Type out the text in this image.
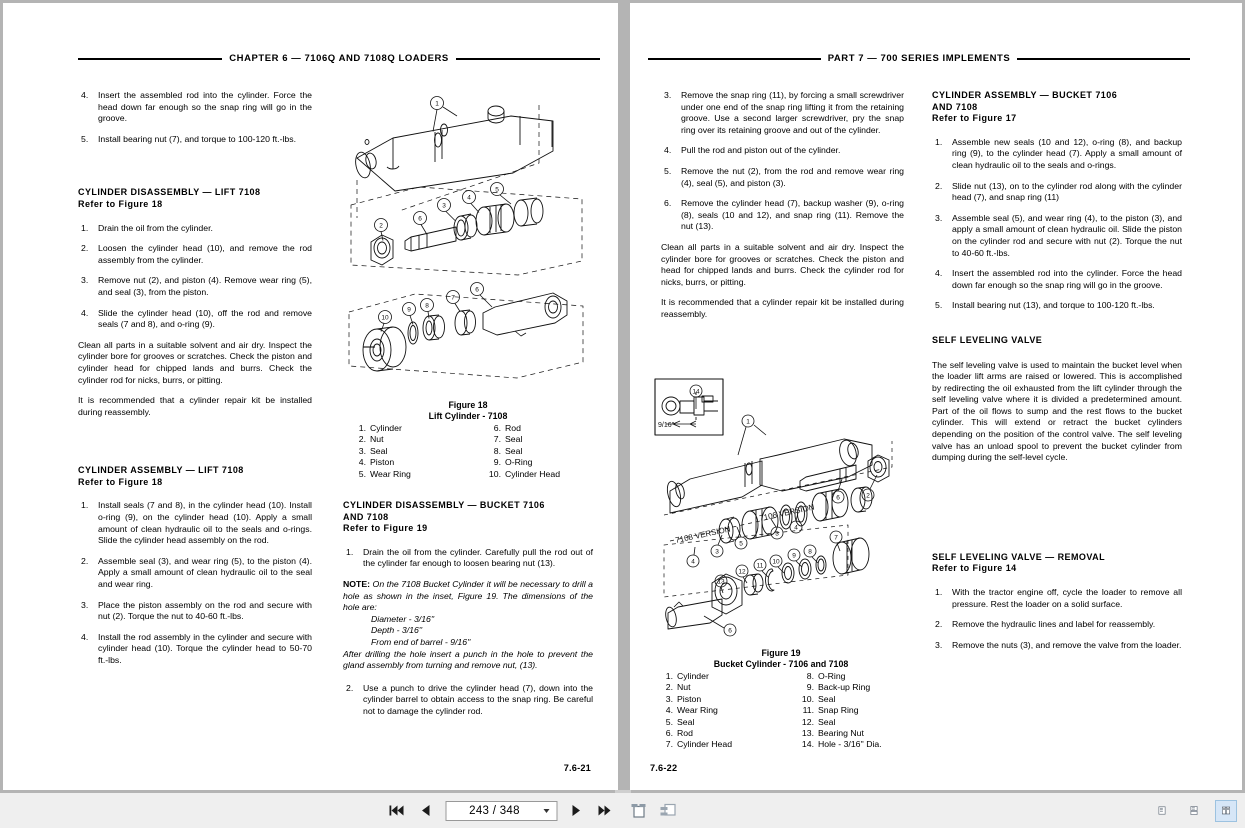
CHAPTER 6 — 7106Q AND 7108Q LOADERS
4.	Insert the assembled rod into the cylinder. Force the head down far enough so the snap ring will go in the groove.
5.	Install bearing nut (7), and torque to 100-120 ft.-lbs.
CYLINDER DISASSEMBLY — LIFT 7108
Refer to Figure 18
1.	Drain the oil from the cylinder.
2.	Loosen the cylinder head (10), and remove the rod assembly from the cylinder.
3.	Remove nut (2), and piston (4). Remove wear ring (5), and seal (3), from the piston.
4.	Slide the cylinder head (10), off the rod and remove seals (7 and 8), and o-ring (9).

Clean all parts in a suitable solvent and air dry. Inspect the cylinder bore for grooves or scratches. Check the piston and cylinder head for chipped lands and burrs. Check the cylinder rod for nicks, burrs, or pitting.

It is recommended that a cylinder repair kit be installed during reassembly.

CYLINDER ASSEMBLY — LIFT 7108
Refer to Figure 18
1.	Install seals (7 and 8), in the cylinder head (10). Install o-ring (9), on the cylinder head (10). Apply a small amount of clean hydraulic oil to the seals and o-rings. Slide the cylinder head assembly on the rod.
2.	Assemble seal (3), and wear ring (5), to the piston (4). Apply a small amount of clean hydraulic oil to the seal and wear ring.
3.	Place the piston assembly on the rod and secure with nut (2). Torque the nut to 40-60 ft.-lbs.
4.	Install the rod assembly in the cylinder and secure with cylinder head (10). Torque the cylinder head to 50-70 ft.-lbs.
1
2
6
3
4
5
10
9
8
7
6
Figure 18
Lift Cylinder - 7108
1. Cylinder
2. Nut
3. Seal
4. Piston
5. Wear Ring
6. Rod
7. Seal
8. Seal
9. O-Ring
10. Cylinder Head
CYLINDER DISASSEMBLY — BUCKET 7106
AND 7108
Refer to Figure 19
1.	Drain the oil from the cylinder. Carefully pull the rod out of the cylinder far enough to loosen bearing nut (13).
NOTE: On the 7108 Bucket Cylinder it will be necessary to drill a hole as shown in the inset, Figure 19. The dimensions of the hole are:
Diameter - 3/16''
Depth - 3/16''
From end of barrel - 9/16''
After drilling the hole insert a punch in the hole to prevent the gland assembly from turning and remove nut, (13).
2.	Use a punch to drive the cylinder head (7), down into the cylinder barrel to obtain access to the snap ring. Be careful not to damage the cylinder rod.
7.6-21
PART 7 — 700 SERIES IMPLEMENTS
3.	Remove the snap ring (11), by forcing a small screwdriver under one end of the snap ring lifting it from the retaining groove. Use a second larger screwdriver, pry the snap ring over its retaining groove and out of the cylinder.
4.	Pull the rod and piston out of the cylinder.
5.	Remove the nut (2), from the rod and remove wear ring (4), seal (5), and piston (3).
6.	Remove the cylinder head (7), backup washer (9), o-ring (8), seals (10 and 12), and snap ring (11). Remove the nut (13).

Clean all parts in a suitable solvent and air dry. Inspect the cylinder bore for grooves or scratches. Check the piston and head for chipped lands and burrs. Check the cylinder rod for nicks, burrs, or pitting.

It is recommended that a cylinder repair kit be installed during reassembly.

7108 VERSION
7106 VERSION
9/16''
14
1
2
6
4
3
5
3
4
13
12
11
10
9
8
7
6
Figure 19
Bucket Cylinder - 7106 and 7108
1. Cylinder
2. Nut
3. Piston
4. Wear Ring
5. Seal
6. Rod
7. Cylinder Head
8. O-Ring
9. Back-up Ring
10. Seal
11. Snap Ring
12. Seal
13. Bearing Nut
14. Hole - 3/16'' Dia.
7.6-22
CYLINDER ASSEMBLY — BUCKET 7106
AND 7108
Refer to Figure 17
1.	Assemble new seals (10 and 12), o-ring (8), and backup ring (9), to the cylinder head (7). Apply a small amount of clean hydraulic oil to the seals and o-rings.
2.	Slide nut (13), on to the cylinder rod along with the cylinder head (7), and snap ring (11)
3.	Assemble seal (5), and wear ring (4), to the piston (3), and apply a small amount of clean hydraulic oil. Slide the piston on the cylinder rod and secure with nut (2). Torque the nut to 40-60 ft.-lbs.
4.	Insert the assembled rod into the cylinder. Force the head down far enough so the snap ring will go in the groove.
5.	Install bearing nut (13), and torque to 100-120 ft.-lbs.
SELF LEVELING VALVE

The self leveling valve is used to maintain the bucket level when the loader lift arms are raised or lowered. This is accomplished by redirecting the oil exhausted from the lift cylinder through the self leveling valve where it is divided a predetermined amount. Part of the oil flows to sump and the rest flows to the bucket cylinder. This will extend or retract the bucket cylinders depending on the position of the control valve. The self leveling valve has an unload spool to prevent the bucket cylinder from dumping during the self-level cycle.

SELF LEVELING VALVE — REMOVAL
Refer to Figure 14
1.	With the tractor engine off, cycle the loader to remove all pressure. Rest the loader on a solid surface.
2.	Remove the hydraulic lines and label for reassembly.
3.	Remove the nuts (3), and remove the valve from the loader.
243 / 348
